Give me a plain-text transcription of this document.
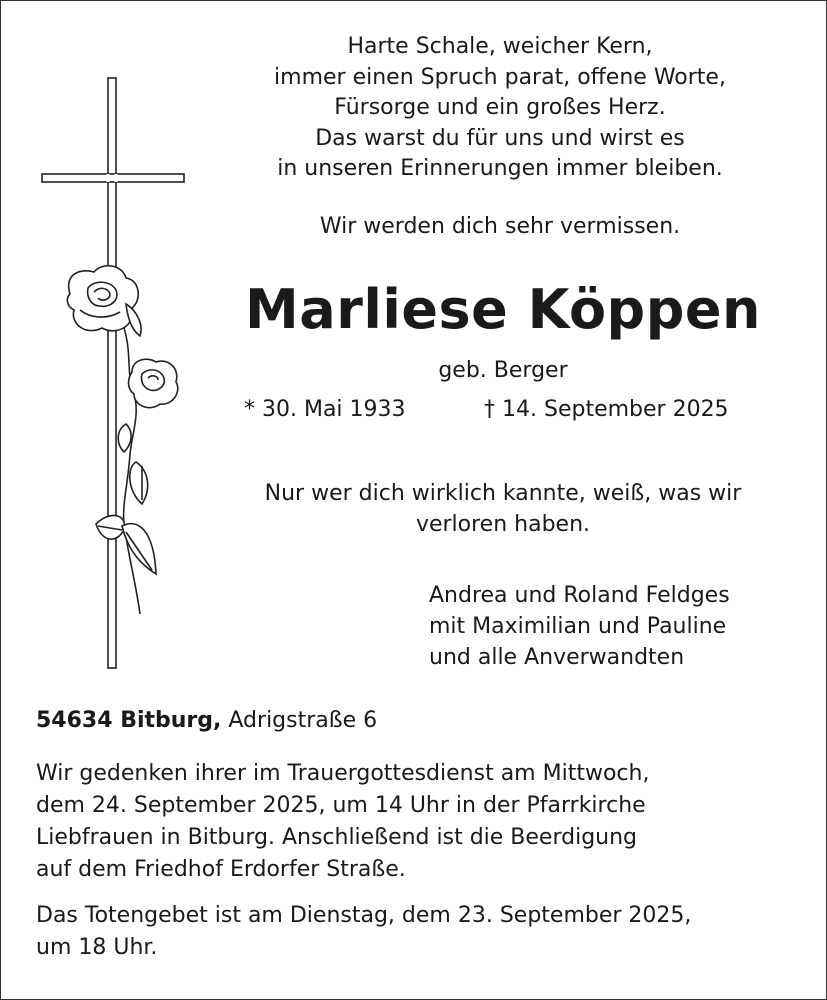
Harte Schale, weicher Kern,
immer einen Spruch parat, offene Worte,
Fürsorge und ein großes Herz.
Das warst du für uns und wirst es
in unseren Erinnerungen immer bleiben.
Wir werden dich sehr vermissen.
Marliese Köppen
geb. Berger
* 30. Mai 1933	† 14. September 2025
Nur wer dich wirklich kannte, weiß, was wir
verloren haben.
Andrea und Roland Feldges
mit Maximilian und Pauline
und alle Anverwandten
54634 Bitburg, Adrigstraße 6
Wir gedenken ihrer im Trauergottesdienst am Mittwoch,
dem 24. September 2025, um 14 Uhr in der Pfarrkirche
Liebfrauen in Bitburg. Anschließend ist die Beerdigung
auf dem Friedhof Erdorfer Straße.
Das Totengebet ist am Dienstag, dem 23. September 2025,
um 18 Uhr.
